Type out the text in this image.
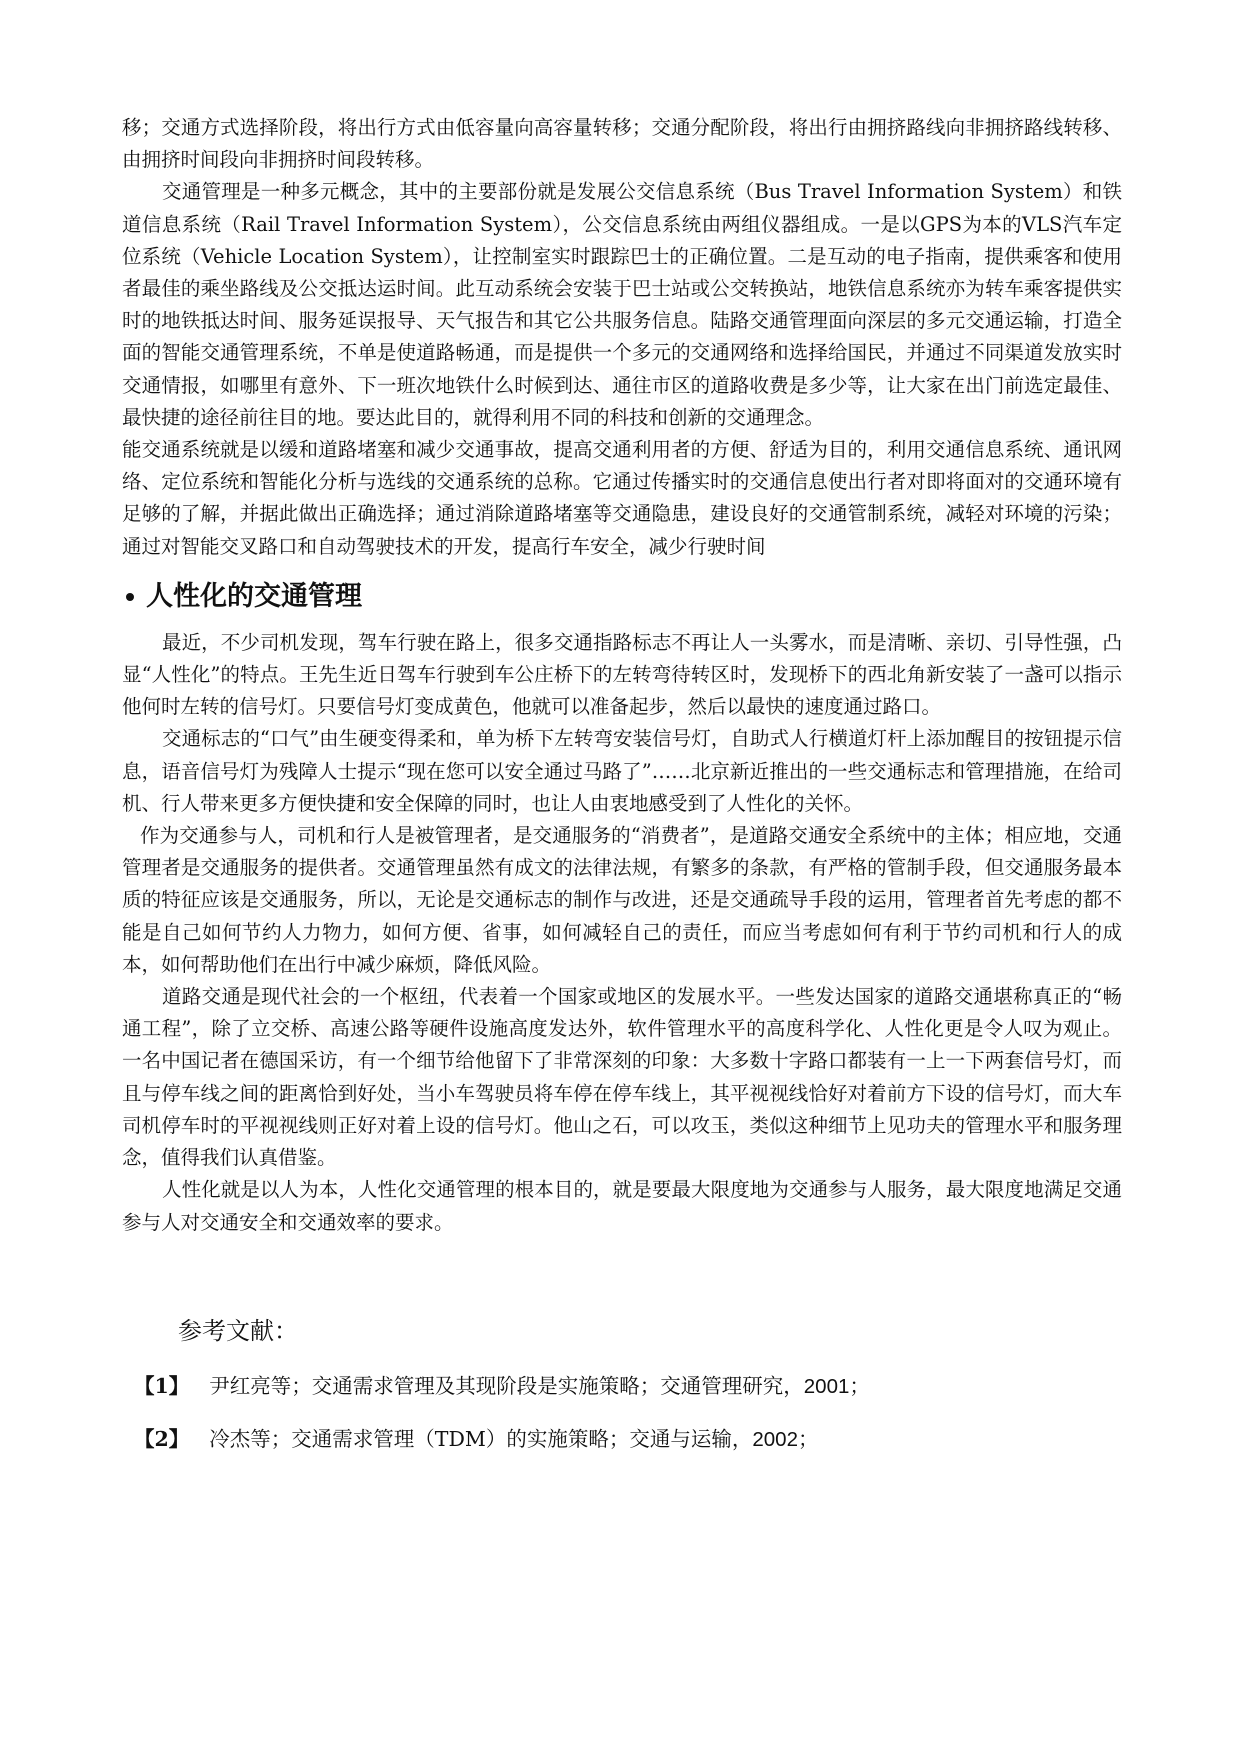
移；交通方式选择阶段，将出行方式由低容量向高容量转移；交通分配阶段，将出行由拥挤路线向非拥挤路线转移、由拥挤时间段向非拥挤时间段转移。

交通管理是一种多元概念，其中的主要部份就是发展公交信息系统（Bus Travel Information System）和铁道信息系统（Rail Travel Information System），公交信息系统由两组仪器组成。一是以GPS为本的VLS汽车定位系统（Vehicle Location System），让控制室实时跟踪巴士的正确位置。二是互动的电子指南，提供乘客和使用者最佳的乘坐路线及公交抵达运时间。此互动系统会安装于巴士站或公交转换站，地铁信息系统亦为转车乘客提供实时的地铁抵达时间、服务延误报导、天气报告和其它公共服务信息。陆路交通管理面向深层的多元交通运输，打造全面的智能交通管理系统，不单是使道路畅通，而是提供一个多元的交通网络和选择给国民，并通过不同渠道发放实时交通情报，如哪里有意外、下一班次地铁什么时候到达、通往市区的道路收费是多少等，让大家在出门前选定最佳、最快捷的途径前往目的地。要达此目的，就得利用不同的科技和创新的交通理念。

能交通系统就是以缓和道路堵塞和减少交通事故，提高交通利用者的方便、舒适为目的，利用交通信息系统、通讯网络、定位系统和智能化分析与选线的交通系统的总称。它通过传播实时的交通信息使出行者对即将面对的交通环境有足够的了解，并据此做出正确选择；通过消除道路堵塞等交通隐患，建设良好的交通管制系统，减轻对环境的污染；通过对智能交叉路口和自动驾驶技术的开发，提高行车安全，减少行驶时间

人性化的交通管理

最近，不少司机发现，驾车行驶在路上，很多交通指路标志不再让人一头雾水，而是清晰、亲切、引导性强，凸显“人性化”的特点。王先生近日驾车行驶到车公庄桥下的左转弯待转区时，发现桥下的西北角新安装了一盏可以指示他何时左转的信号灯。只要信号灯变成黄色，他就可以准备起步，然后以最快的速度通过路口。

交通标志的“口气”由生硬变得柔和，单为桥下左转弯安装信号灯，自助式人行横道灯杆上添加醒目的按钮提示信息，语音信号灯为残障人士提示“现在您可以安全通过马路了”……北京新近推出的一些交通标志和管理措施，在给司机、行人带来更多方便快捷和安全保障的同时，也让人由衷地感受到了人性化的关怀。

作为交通参与人，司机和行人是被管理者，是交通服务的“消费者”，是道路交通安全系统中的主体；相应地，交通管理者是交通服务的提供者。交通管理虽然有成文的法律法规，有繁多的条款，有严格的管制手段，但交通服务最本质的特征应该是交通服务，所以，无论是交通标志的制作与改进，还是交通疏导手段的运用，管理者首先考虑的都不能是自己如何节约人力物力，如何方便、省事，如何减轻自己的责任，而应当考虑如何有利于节约司机和行人的成本，如何帮助他们在出行中减少麻烦，降低风险。

道路交通是现代社会的一个枢纽，代表着一个国家或地区的发展水平。一些发达国家的道路交通堪称真正的“畅通工程”，除了立交桥、高速公路等硬件设施高度发达外，软件管理水平的高度科学化、人性化更是令人叹为观止。一名中国记者在德国采访，有一个细节给他留下了非常深刻的印象：大多数十字路口都装有一上一下两套信号灯，而且与停车线之间的距离恰到好处，当小车驾驶员将车停在停车线上，其平视视线恰好对着前方下设的信号灯，而大车司机停车时的平视视线则正好对着上设的信号灯。他山之石，可以攻玉，类似这种细节上见功夫的管理水平和服务理念，值得我们认真借鉴。

人性化就是以人为本，人性化交通管理的根本目的，就是要最大限度地为交通参与人服务，最大限度地满足交通参与人对交通安全和交通效率的要求。

参考文献：
【1】 尹红亮等；交通需求管理及其现阶段是实施策略；交通管理研究，2001；
【2】 冷杰等；交通需求管理（TDM）的实施策略；交通与运输，2002；
